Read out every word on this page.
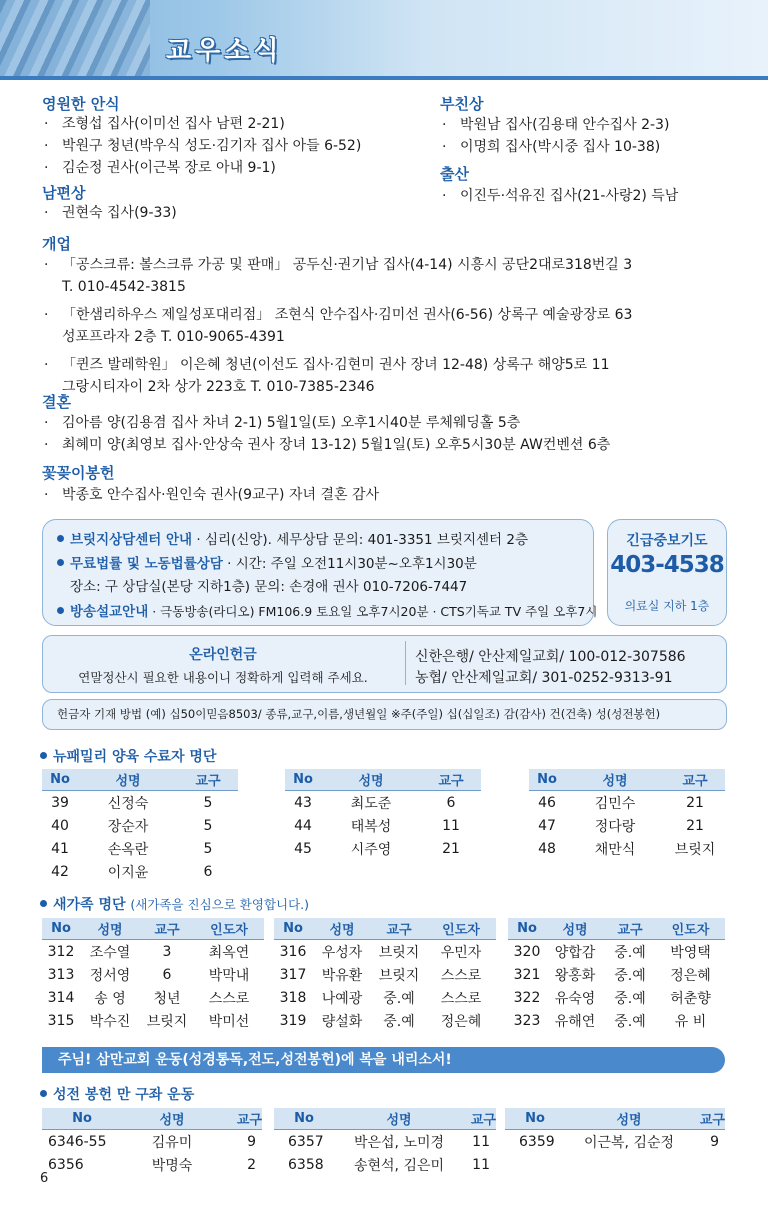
교우소식
영원한 안식
· 조형섭 집사(이미선 집사 남편 2-21)
· 박원구 청년(박우식 성도·김기자 집사 아들 6-52)
· 김순정 권사(이근복 장로 아내 9-1)
남편상
· 권현숙 집사(9-33)
부친상
· 박원남 집사(김용태 안수집사 2-3)
· 이명희 집사(박시중 집사 10-38)
출산
· 이진두·석유진 집사(21-사랑2) 득남
개업
· 「공스크류: 볼스크류 가공 및 판매」 공두신·권기남 집사(4-14) 시흥시 공단2대로318번길 3
T. 010-4542-3815
· 「한샘리하우스 제일성포대리점」 조현식 안수집사·김미선 권사(6-56) 상록구 예술광장로 63
성포프라자 2층 T. 010-9065-4391
· 「퀸즈 발레학원」 이은혜 청년(이선도 집사·김현미 권사 장녀 12-48) 상록구 해양5로 11
그랑시티자이 2차 상가 223호 T. 010-7385-2346
결혼
· 김아름 양(김용겸 집사 차녀 2-1) 5월1일(토) 오후1시40분 루체웨딩홀 5층
· 최혜미 양(최영보 집사·안상숙 권사 장녀 13-12) 5월1일(토) 오후5시30분 AW컨벤션 6층
꽃꽂이봉헌
· 박종호 안수집사·원인숙 권사(9교구) 자녀 결혼 감사
브릿지상담센터 안내 · 심리(신앙). 세무상담 문의: 401-3351 브릿지센터 2층
무료법률 및 노동법률상담 · 시간: 주일 오전11시30분~오후1시30분
장소: 구 상담실(본당 지하1층) 문의: 손경애 권사 010-7206-7447
방송설교안내 · 극동방송(라디오) FM106.9 토요일 오후7시20분 · CTS기독교 TV 주일 오후7시
긴급중보기도
403-4538
의료실 지하 1층
온라인헌금
연말정산시 필요한 내용이니 정확하게 입력해 주세요.
신한은행/ 안산제일교회/ 100-012-307586
농협/ 안산제일교회/ 301-0252-9313-91
헌금자 기재 방법 (예) 십50이믿음8503/ 종류,교구,이름,생년월일 ※주(주일) 십(십일조) 감(감사) 건(건축) 성(성전봉헌)
뉴패밀리 양육 수료자 명단
No	성명	교구
39	신정숙	5
40	장순자	5
41	손옥란	5
42	이지윤	6
No	성명	교구
43	최도준	6
44	태복성	11
45	시주영	21
No	성명	교구
46	김민수	21
47	정다랑	21
48	채만식	브릿지
새가족 명단 (새가족을 진심으로 환영합니다.)
No	성명	교구	인도자
312	조수열	3	최옥연
313	정서영	6	박막내
314	송 영	청년	스스로
315	박수진	브릿지	박미선
No	성명	교구	인도자
316	우성자	브릿지	우민자
317	박유환	브릿지	스스로
318	나예광	중.예	스스로
319	량설화	중.예	정은혜
No	성명	교구	인도자
320	양합감	중.예	박영택
321	왕홍화	중.예	정은혜
322	유숙영	중.예	허춘향
323	유해연	중.예	유 비
주님! 삼만교회 운동(성경통독,전도,성전봉헌)에 복을 내리소서!
성전 봉헌 만 구좌 운동
No	성명	교구
6346-55	김유미	9
6356	박명숙	2
No	성명	교구
6357	박은섭, 노미경	11
6358	송현석, 김은미	11
No	성명	교구
6359	이근복, 김순정	9
6
